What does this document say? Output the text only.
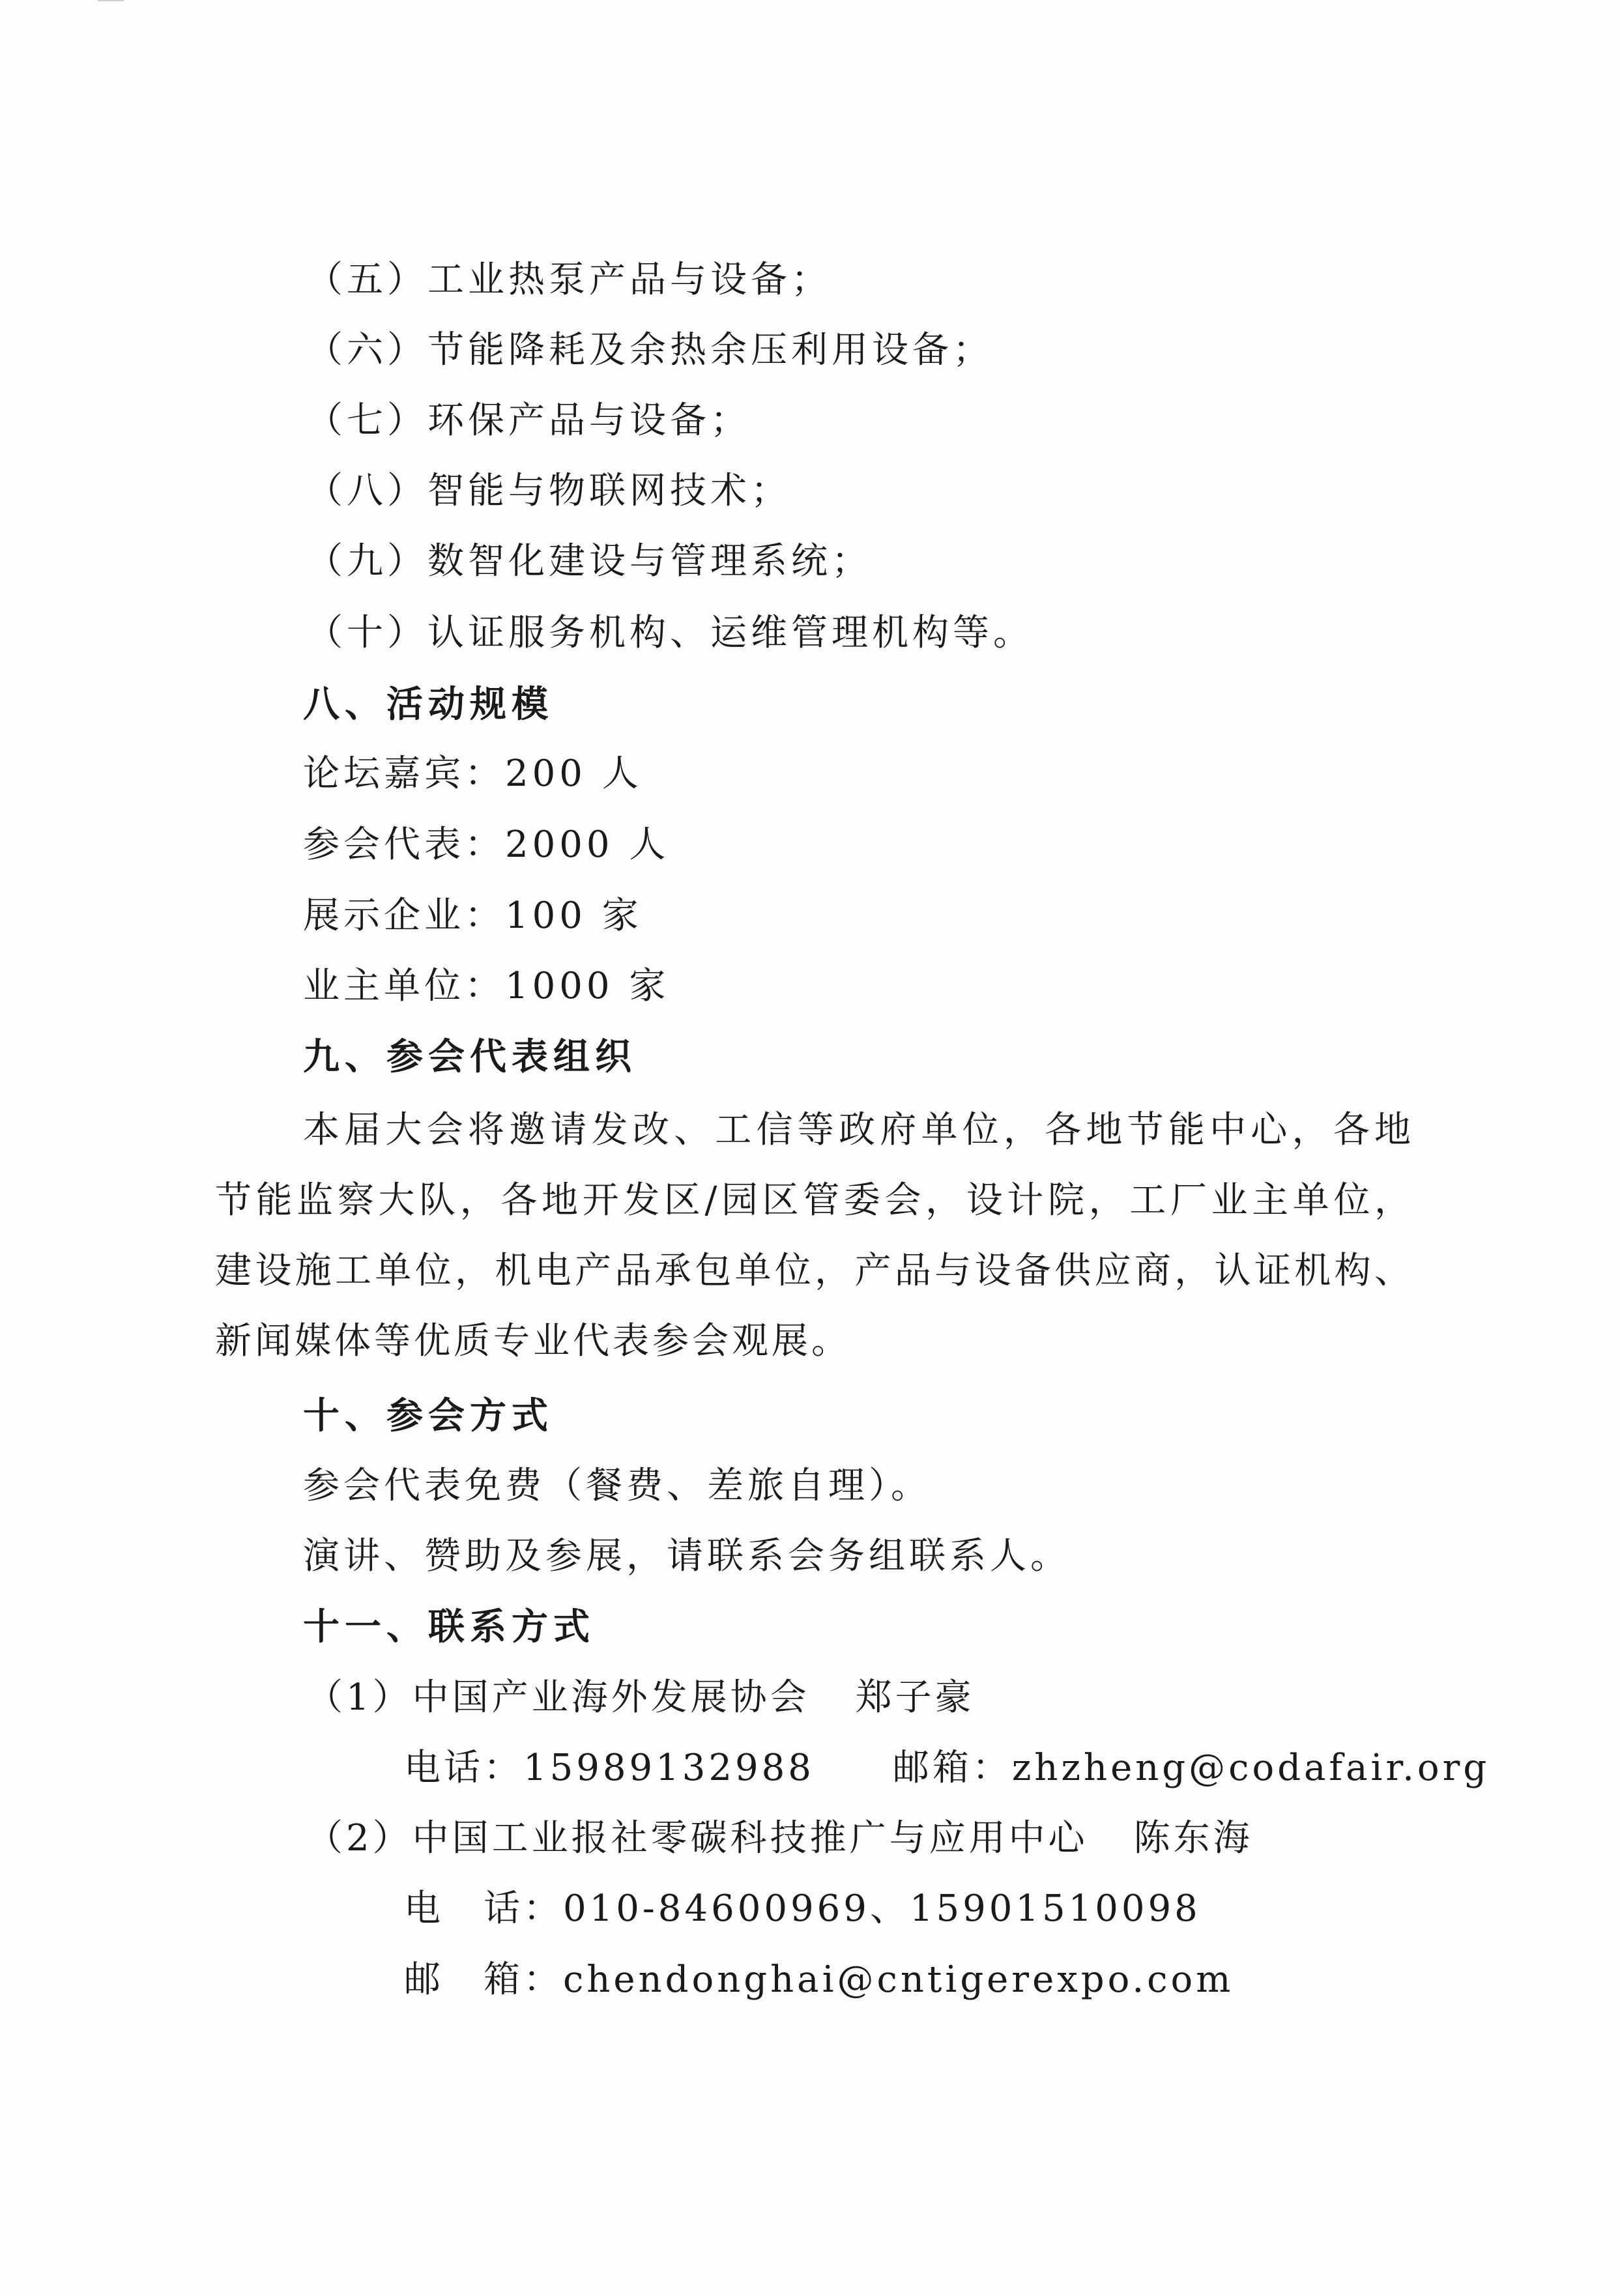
（五）工业热泵产品与设备；
（六）节能降耗及余热余压利用设备；
（七）环保产品与设备；
（八）智能与物联网技术；
（九）数智化建设与管理系统；
（十）认证服务机构、运维管理机构等。
八、活动规模
论坛嘉宾：200 人
参会代表：2000 人
展示企业：100 家
业主单位：1000 家
九、参会代表组织
本届大会将邀请发改、工信等政府单位，各地节能中心，各地节能监察大队，各地开发区/园区管委会，设计院，工厂业主单位，建设施工单位，机电产品承包单位，产品与设备供应商，认证机构、新闻媒体等优质专业代表参会观展。
十、参会方式
参会代表免费（餐费、差旅自理）。
演讲、赞助及参展，请联系会务组联系人。
十一、联系方式
（1）中国产业海外发展协会 郑子豪
电话：15989132988 邮箱：zhzheng@codafair.org
（2）中国工业报社零碳科技推广与应用中心 陈东海
电　话：010-84600969、15901510098
邮　箱：chendonghai@cntigerexpo.com
